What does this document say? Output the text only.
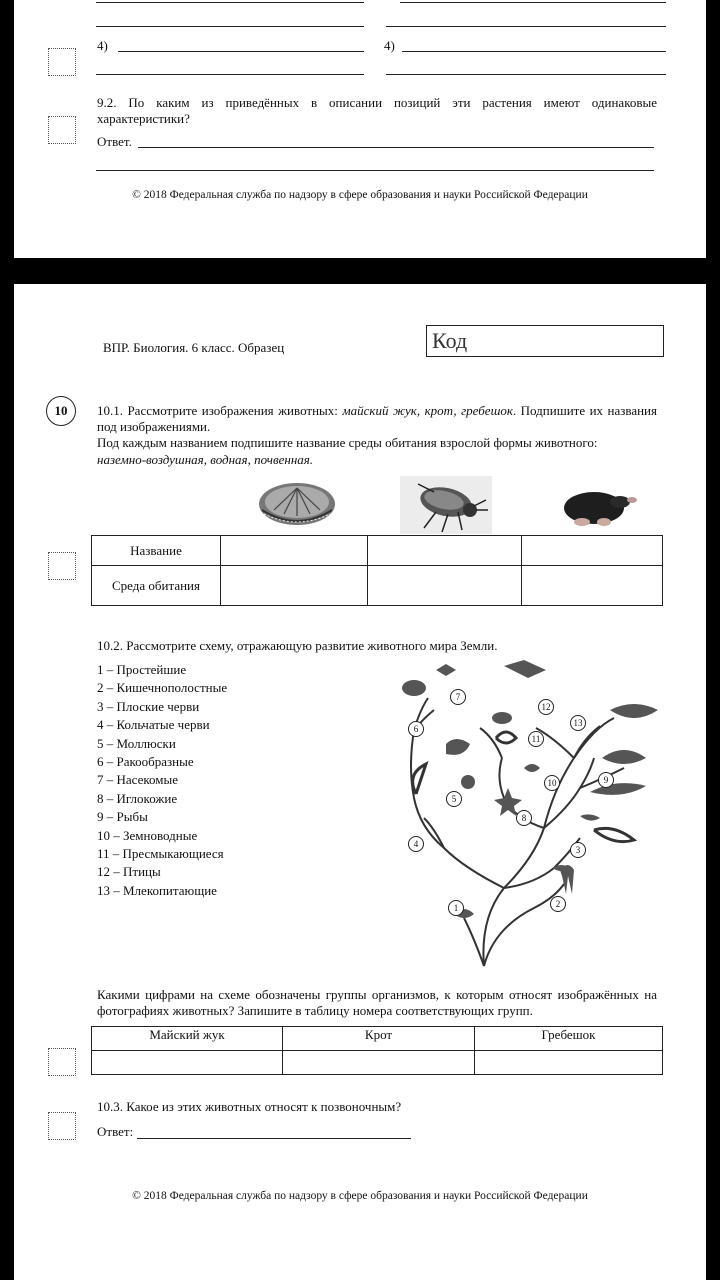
4)	4)
9.2. По каким из приведённых в описании позиций эти растения имеют одинаковые характеристики?
Ответ.
© 2018 Федеральная служба по надзору в сфере образования и науки Российской Федерации
ВПР. Биология. 6 класс. Образец	Код
10	10.1. Рассмотрите изображения животных: майский жук, крот, гребешок. Подпишите их названия под изображениями.
Под каждым названием подпишите название среды обитания взрослой формы животного:
наземно-воздушная, водная, почвенная.
Название			
Среда обитания			
10.2. Рассмотрите схему, отражающую развитие животного мира Земли.
1 – Простейшие
2 – Кишечнополостные
3 – Плоские черви
4 – Кольчатые черви
5 – Моллюски
6 – Ракообразные
7 – Насекомые
8 – Иглокожие
9 – Рыбы
10 – Земноводные
11 – Пресмыкающиеся
12 – Птицы
13 – Млекопитающие
1	2
3
4
5
6
7
8
9
10
11
12
13
Какими цифрами на схеме обозначены группы организмов, к которым относят изображённых на фотографиях животных? Запишите в таблицу номера соответствующих групп.
Майский жук	Крот	Гребешок

10.3. Какое из этих животных относят к позвоночным?
Ответ:
© 2018 Федеральная служба по надзору в сфере образования и науки Российской Федерации
